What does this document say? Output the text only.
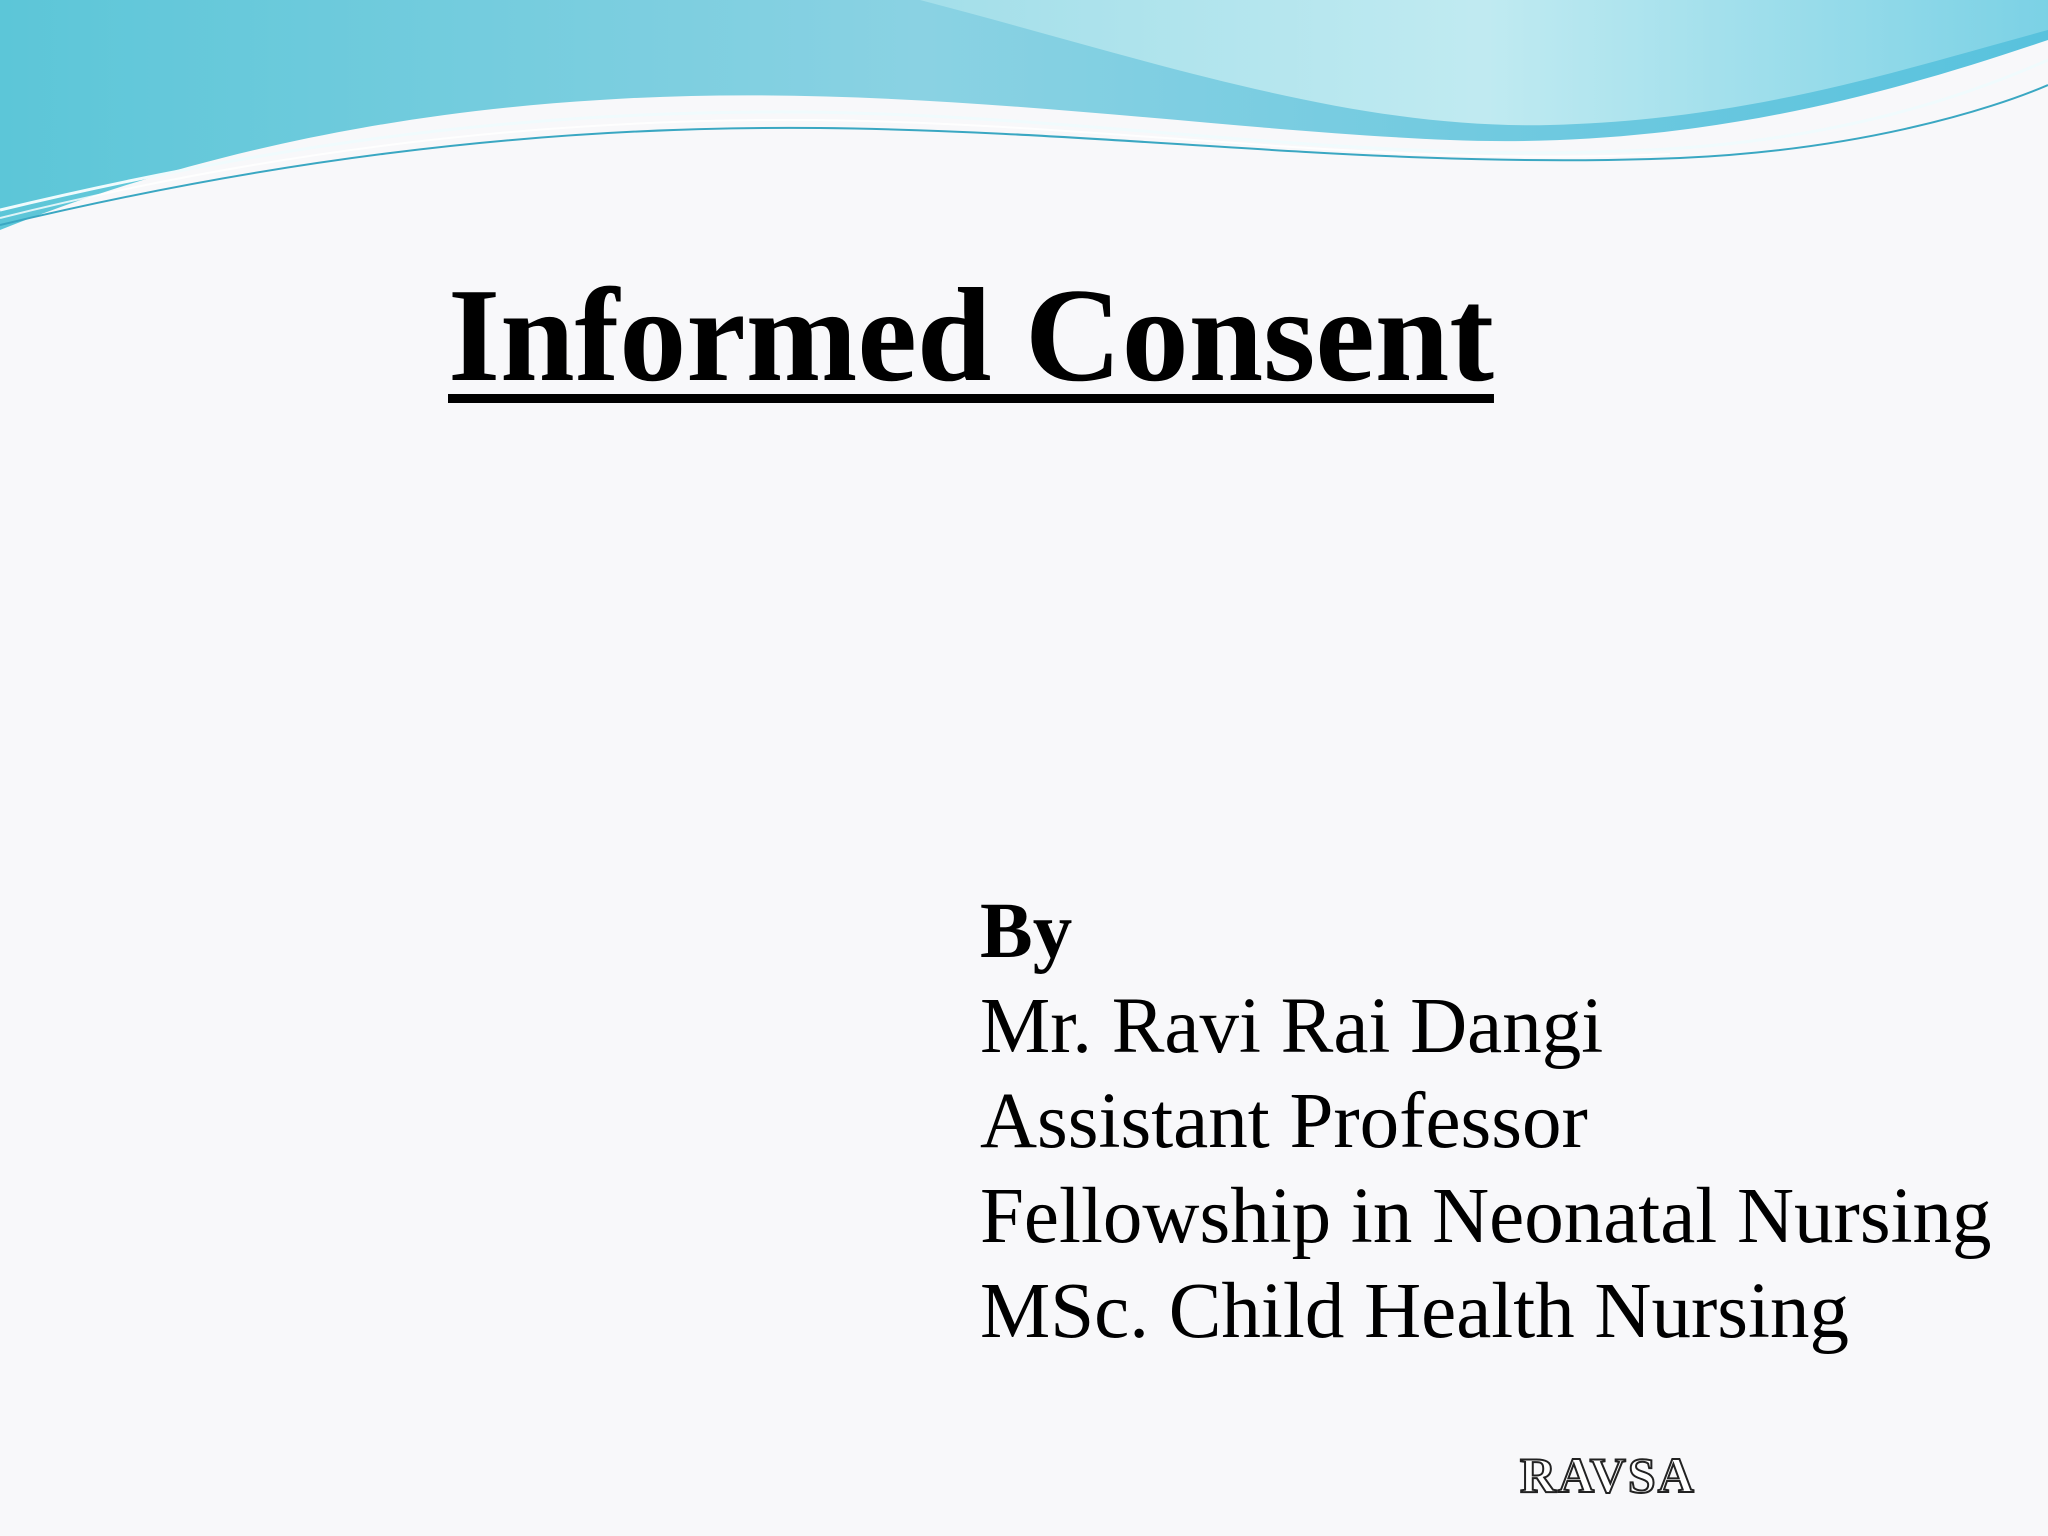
Informed Consent
By
Mr. Ravi Rai Dangi
Assistant Professor
Fellowship in Neonatal Nursing
MSc. Child Health Nursing
RAVSA
